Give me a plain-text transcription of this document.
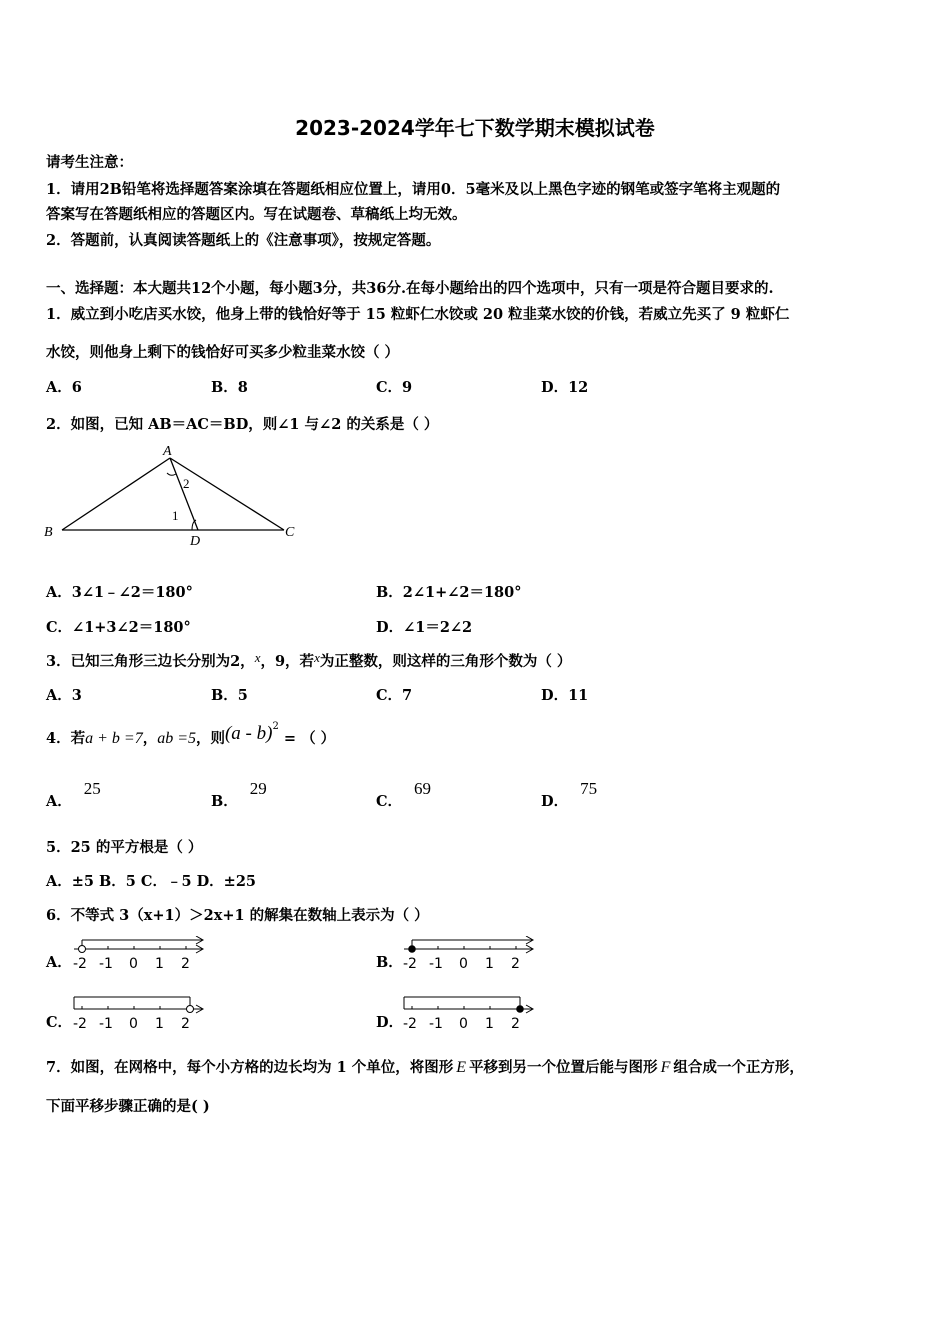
2023-2024学年七下数学期末模拟试卷
请考生注意：
1．请用2B铅笔将选择题答案涂填在答题纸相应位置上，请用0．5毫米及以上黑色字迹的钢笔或签字笔将主观题的
答案写在答题纸相应的答题区内。写在试题卷、草稿纸上均无效。
2．答题前，认真阅读答题纸上的《注意事项》，按规定答题。
一、选择题：本大题共12个小题，每小题3分，共36分.在每小题给出的四个选项中，只有一项是符合题目要求的.
1．威立到小吃店买水饺，他身上带的钱恰好等于 15 粒虾仁水饺或 20 粒韭菜水饺的价钱，若威立先买了 9 粒虾仁
水饺，则他身上剩下的钱恰好可买多少粒韭菜水饺（ ）
A．6	B．8	C．9	D．12
2．如图，已知 AB＝AC＝BD，则∠1 与∠2 的关系是（ ）
A
B	C
D
2
1
A．3∠1﹣∠2＝180°	B．2∠1+∠2＝180°
C．∠1+3∠2＝180°	D．∠1＝2∠2
3．已知三角形三边长分别为2，x，9，若x为正整数，则这样的三角形个数为（ ）
A．3	B．5	C．7	D．11
4．若a + b =7，ab =5，则(a - b)$^2$ = （ ）
A．25
B．29
C．69
D．75
5．25 的平方根是（ ）
A．±5 B．5 C．﹣5 D．±25
6．不等式 3（x+1）＞2x+1 的解集在数轴上表示为（ ）
A． -2 -1 0 1 2	B． -2 -1 0 1 2
C． -2 -1 0 1 2	D． -2 -1 0 1 2
7．如图，在网格中，每个小方格的边长均为 1 个单位，将图形 E 平移到另一个位置后能与图形 F 组合成一个正方形，
下面平移步骤正确的是( )
